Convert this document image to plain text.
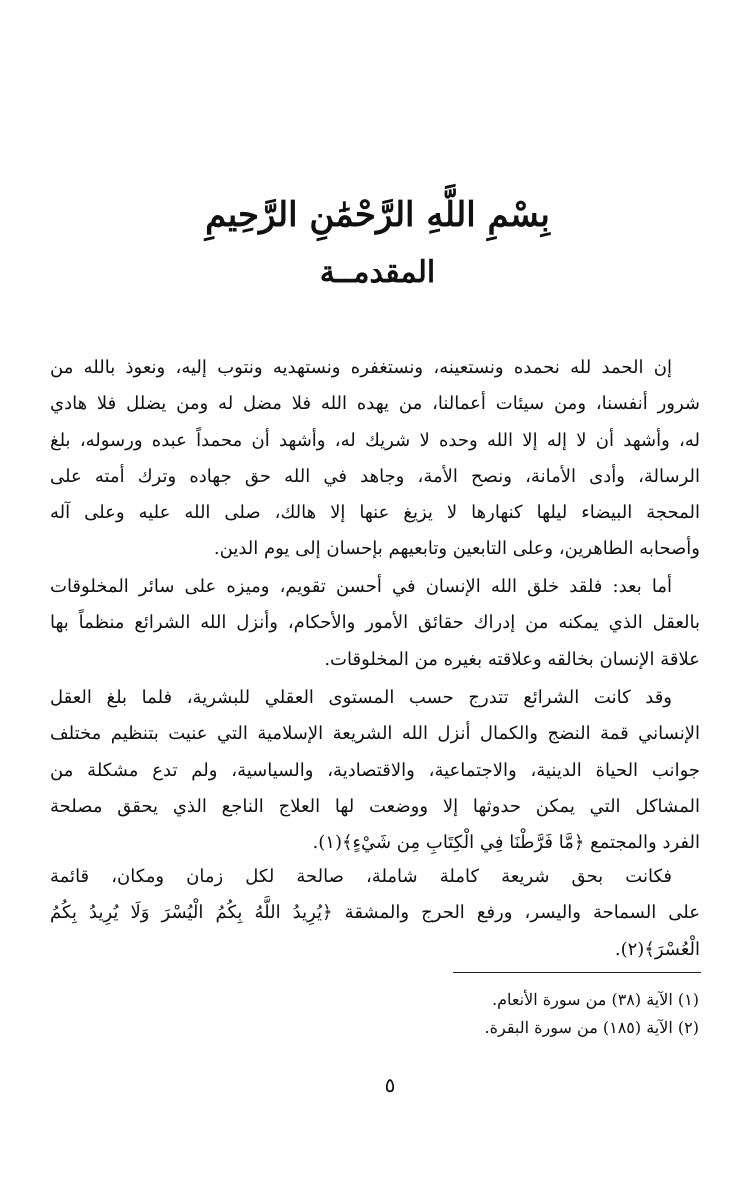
بِسْمِ اللَّهِ الرَّحْمَٰنِ الرَّحِيمِ
المقدمــة
إن الحمد لله نحمده ونستعينه، ونستغفره ونستهديه ونتوب إليه، ونعوذ بالله من
شرور أنفسنا، ومن سيئات أعمالنا، من يهده الله فلا مضل له ومن يضلل فلا هادي
له، وأشهد أن لا إله إلا الله وحده لا شريك له، وأشهد أن محمداً عبده ورسوله، بلغ
الرسالة، وأدى الأمانة، ونصح الأمة، وجاهد في الله حق جهاده وترك أمته على
المحجة البيضاء ليلها كنهارها لا يزيغ عنها إلا هالك، صلى الله عليه وعلى آله
وأصحابه الطاهرين، وعلى التابعين وتابعيهم بإحسان إلى يوم الدين.
أما بعد: فلقد خلق الله الإنسان في أحسن تقويم، وميزه على سائر المخلوقات
بالعقل الذي يمكنه من إدراك حقائق الأمور والأحكام، وأنزل الله الشرائع منظماً بها
علاقة الإنسان بخالقه وعلاقته بغيره من المخلوقات.
وقد كانت الشرائع تتدرج حسب المستوى العقلي للبشرية، فلما بلغ العقل
الإنساني قمة النضج والكمال أنزل الله الشريعة الإسلامية التي عنيت بتنظيم مختلف
جوانب الحياة الدينية، والاجتماعية، والاقتصادية، والسياسية، ولم تدع مشكلة من
المشاكل التي يمكن حدوثها إلا ووضعت لها العلاج الناجع الذي يحقق مصلحة
الفرد والمجتمع ﴿مَّا فَرَّطْنَا فِي الْكِتَابِ مِن شَيْءٍ﴾(١).
فكانت بحق شريعة كاملة شاملة، صالحة لكل زمان ومكان، قائمة
على السماحة واليسر، ورفع الحرج والمشقة ﴿يُرِيدُ اللَّهُ بِكُمُ الْيُسْرَ وَلَا يُرِيدُ بِكُمُ
الْعُسْرَ﴾(٢).
(١) الآية (٣٨) من سورة الأنعام.
(٢) الآية (١٨٥) من سورة البقرة.
٥
